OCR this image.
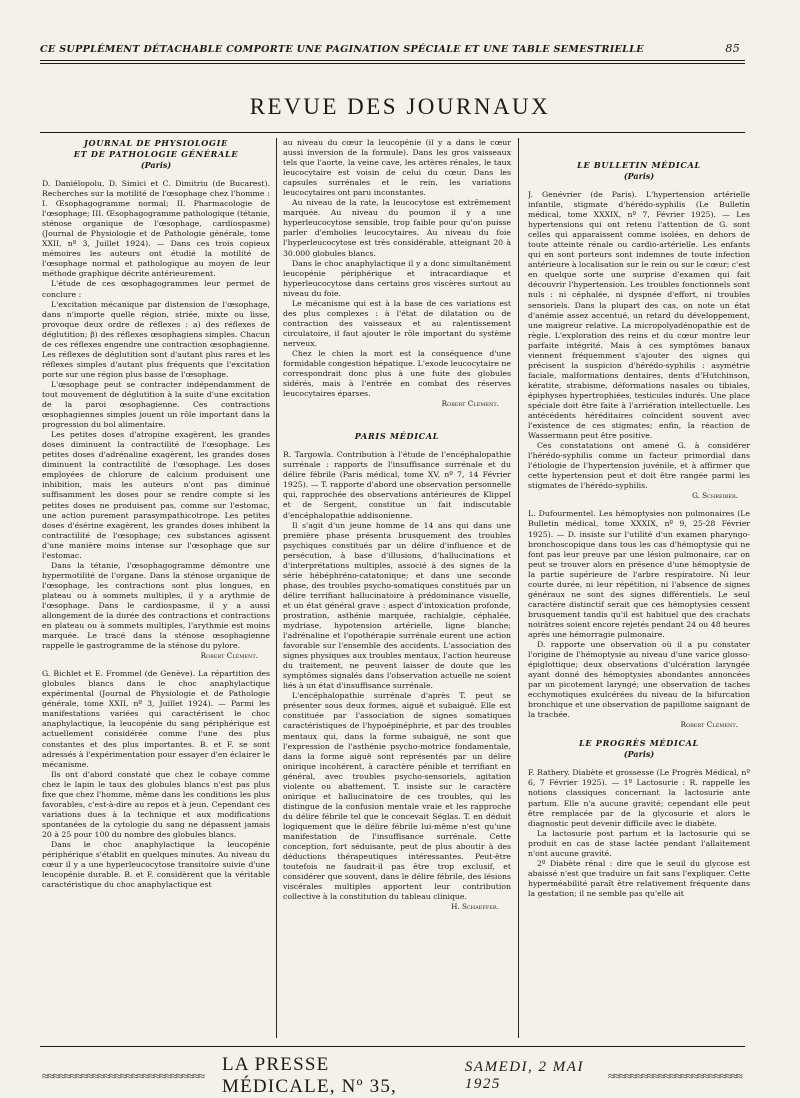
CE SUPPLÉMENT DÉTACHABLE COMPORTE UNE PAGINATION SPÉCIALE ET UNE TABLE SEMESTRIELLE	85
REVUE DES JOURNAUX
JOURNAL DE PHYSIOLOGIE
ET DE PATHOLOGIE GÉNÉRALE
(Paris)

D. Daniélopolu, D. Simici et C. Dimitriu (de Bucarest). Recherches sur la motilité de l'œsophage chez l'homme : I. Œsophagogramme normal; II. Pharmacologie de l'œsophage; III. Œsophagogramme pathologique (tétanie, sténose organique de l'œsophage, cardiospasme) (Journal de Physiologie et de Pathologie générale, tome XXII, nº 3, Juillet 1924). — Dans ces trois copieux mémoires les auteurs ont étudié la motilité de l'œsophage normal et pathologique au moyen de leur méthode graphique décrite antérieurement.

L'étude de ces œsophagogrammes leur permet de conclure :

L'excitation mécanique par distension de l'œsophage, dans n'importe quelle région, striée, mixte ou lisse, provoque deux ordre de réflexes : a) des réflexes de déglutition; β) des réflexes œsophagiens simples. Chacun de ces réflexes engendre une contraction œsophagienne. Les réflexes de déglutition sont d'autant plus rares et les réflexes simples d'autant plus fréquents que l'excitation porte sur une région plus basse de l'œsophage.

L'œsophage peut se contracter indépendamment de tout mouvement de déglutition à la suite d'une excitation de la paroi œsophagienne. Ces contractions œsophagiennes simples jouent un rôle important dans la progression du bol alimentaire.

Les petites doses d'atropine exagèrent, les grandes doses diminuent la contractilité de l'œsophage. Les petites doses d'adrénaline exagèrent, les grandes doses diminuent la contractilité de l'œsophage. Les doses employées de chlorure de calcium produisent une inhibition, mais les auteurs n'ont pas diminué suffisamment les doses pour se rendre compte si les petites doses ne produisent pas, comme sur l'estomac, une action purement parasympathicotrope. Les petites doses d'ésérine exagèrent, les grandes doses inhibent la contractilité de l'œsophage; ces substances agissent d'une manière moins intense sur l'œsophage que sur l'estomac.

Dans la tétanie, l'œsophagogramme démontre une hypermotilité de l'organe. Dans la sténose organique de l'œsophage, les contractions sont plus longues, en plateau ou à sommets multiples, il y a arythmie de l'œsophage. Dans le cardiospasme, il y a aussi allongement de la durée des contractions et contractions en plateau ou à sommets multiples, l'arythmie est moins marquée. Le tracé dans la sténose œsophagienne rappelle le gastrogramme de la sténose du pylore.

Robert Clément.

G. Bichlet et E. Frommel (de Genève). La répartition des globules blancs dans le choc anaphylactique expérimental (Journal de Physiologie et de Pathologie générale, tome XXII, nº 3, Juillet 1924). — Parmi les manifestations variées qui caractérisent le choc anaphylactique, la leucopénie du sang périphérique est actuellement considérée comme l'une des plus constantes et des plus importantes. B. et F. se sont adressés à l'expérimentation pour essayer d'en éclairer le mécanisme.

Ils ont d'abord constaté que chez le cobaye comme chez le lapin le taux des globules blancs n'est pas plus fixe que chez l'homme, même dans les conditions les plus favorables, c'est-à-dire au repos et à jeun. Cependant ces variations dues à la technique et aux modifications spontanées de la cytologie du sang ne dépassent jamais 20 à 25 pour 100 du nombre des globules blancs.

Dans le choc anaphylactique la leucopénie périphérique s'établit en quelques minutes. Au niveau du cœur il y a une hyperleucocytose transitoire suivie d'une leucopénie durable. B. et F. considèrent que la véritable caractéristique du choc anaphylactique est

au niveau du cœur la leucopénie (il y a dans le cœur aussi inversion de la formule). Dans les gros vaisseaux tels que l'aorte, la veine cave, les artères rénales, le taux leucocytaire est voisin de celui du cœur. Dans les capsules surrénales et le rein, les variations leucocytaires ont paru inconstantes.

Au niveau de la rate, la leucocytose est extrêmement marquée. Au niveau du poumon il y a une hyperleucocytose sensible, trop faible pour qu'on puisse parler d'embolies leucocytaires. Au niveau du foie l'hyperleucocytose est très considérable, atteignant 20 à 30.000 globules blancs.

Dans le choc anaphylactique il y a donc simultanément leucopénie périphérique et intracardiaque et hyperleucocytose dans certains gros viscères surtout au niveau du foie.

Le mécanisme qui est à la base de ces variations est des plus complexes : à l'état de dilatation ou de contraction des vaisseaux et au ralentissement circulatoire, il faut ajouter le rôle important du système nerveux.

Chez le chien la mort est la conséquence d'une formidable congestion hépatique. L'exode leucocytaire ne correspondrait donc plus à une fuite des globules sidérés, mais à l'entrée en combat des réserves leucocytaires éparses.

Robert Clément.
PARIS MÉDICAL

R. Targowla. Contribution à l'étude de l'encéphalopathie surrénale : rapports de l'insuffisance surrénale et du délire fébrile (Paris médical, tome XV, nº 7, 14 Février 1925). — T. rapporte d'abord une observation personnelle qui, rapprochée des observations antérieures de Klippel et de Sergent, constitue un fait indiscutable d'encéphalopathie addisonienne.

Il s'agit d'un jeune homme de 14 ans qui dans une première phase présenta brusquement des troubles psychiques constitués par un délire d'influence et de persécution, à base d'illusions, d'hallucinations et d'interprétations multiples, associé à des signes de la série hébéphréno-catatonique; et dans une seconde phase, des troubles psycho-somatiques constitués par un délire terrifiant hallucinatoire à prédominance visuelle, et un état général grave : aspect d'intoxication profonde, prostration, asthénie marquée, rachialgie, céphalée, mydriase, hypotension artérielle, ligne blanche; l'adrénaline et l'opothérapie surrénale eurent une action favorable sur l'ensemble des accidents. L'association des signes physiques aux troubles mentaux, l'action heureuse du traitement, ne peuvent laisser de doute que les symptômes signalés dans l'observation actuelle ne soient liés à un état d'insuffisance surrénale.

L'encéphalopathie surrénale d'après T. peut se présenter sous deux formes, aiguë et subaiguë. Elle est constituée par l'association de signes somatiques caractéristiques de l'hypoépinéphrie, et par des troubles mentaux qui, dans la forme subaiguë, ne sont que l'expression de l'asthénie psycho-motrice fondamentale, dans la forme aiguë sont représentés par un délire onirique incohérent, à caractère pénible et terrifiant en général, avec troubles psycho-sensoriels, agitation violente ou abattement. T. insiste sur le caractère onirique et hallucinatoire de ces troubles, qui les distingue de la confusion mentale vraie et les rapproche du délire fébrile tel que le concevait Séglas. T. en déduit logiquement que le délire fébrile lui-même n'est qu'une manifestation de l'insuffisance surrénale. Cette conception, fort séduisante, peut de plus aboutir à des déductions thérapeutiques intéressantes. Peut-être toutefois ne faudrait-il pas être trop exclusif, et considérer que souvent, dans le délire fébrile, des lésions viscérales multiples apportent leur contribution collective à la constitution du tableau clinique.

H. Schaeffer.
LE BULLETIN MÉDICAL
(Paris)

J. Genévrier (de Paris). L'hypertension artérielle infantile, stigmate d'hérédo-syphilis (Le Bulletin médical, tome XXXIX, nº 7, Février 1925). — Les hypertensions qui ont retenu l'attention de G. sont celles qui apparaissent comme isolées, en dehors de toute atteinte rénale ou cardio-artérielle. Les enfants qui en sont porteurs sont indemnes de toute infection antérieure à localisation sur le rein ou sur le cœur; c'est en quelque sorte une surprise d'examen qui fait découvrir l'hypertension. Les troubles fonctionnels sont nuls : ni céphalée, ni dyspnée d'effort, ni troubles sensoriels. Dans la plupart des cas, on note un état d'anémie assez accentué, un retard du développement, une maigreur relative. La micropolyadénopathie est de règle. L'exploration des reins et du cœur montre leur parfaite intégrité. Mais à ces symptômes banaux viennent fréquemment s'ajouter des signes qui précisent la suspicion d'hérédo-syphilis : asymétrie faciale, malformations dentaires, dents d'Hutchinson, kératite, strabisme, déformations nasales ou tibiales, épiphyses hypertrophiées, testicules indurés. Une place spéciale doit être faite à l'arriération intellectuelle. Les antécédents héréditaires coïncident souvent avec l'existence de ces stigmates; enfin, la réaction de Wassermann peut être positive.

Ces constatations ont amené G. à considérer l'hérédo-syphilis comme un facteur primordial dans l'étiologie de l'hypertension juvénile, et à affirmer que cette hypertension peut et doit être rangée parmi les stigmates de l'hérédo-syphilis.

G. Schreiber.

L. Dufourmentel. Les hémoptysies non pulmonaires (Le Bulletin médical, tome XXXIX, nº 9, 25-28 Février 1925). — D. insiste sur l'utilité d'un examen pharyngo-bronchoscopique dans tous les cas d'hémoptysie qui ne font pas leur preuve par une lésion pulmonaire, car on peut se trouver alors en présence d'une hémoptysie de la partie supérieure de l'arbre respiratoire. Ni leur courte durée, ni leur répétition, ni l'absence de signes généraux ne sont des signes différentiels. Le seul caractère distinctif serait que ces hémoptysies cessent brusquement tandis qu'il est habituel que des crachats noirâtres soient encore rejetés pendant 24 ou 48 heures après une hémorragie pulmonaire.

D. rapporte une observation où il a pu constater l'origine de l'hémoptysie au niveau d'une varice glosso-épiglottique; deux observations d'ulcération laryngée ayant donné des hémoptysies abondantes annoncées par un picotement laryngé; une observation de taches ecchymotiques exulcérées du niveau de la bifurcation bronchique et une observation de papillome saignant de la trachée.

Robert Clément.
LE PROGRÈS MÉDICAL
(Paris)

F. Rathery. Diabète et grossesse (Le Progrès Médical, nº 6, 7 Février 1925). — 1º Lactosurie : R. rappelle les notions classiques concernant la lactosurie ante partum. Elle n'a aucune gravité; cependant elle peut être remplacée par de la glycosurie et alors le diagnostic peut devenir difficile avec le diabète.

La lactosurie post partum et la lactosurie qui se produit en cas de stase lactée pendant l'allaitement n'ont aucune gravité.

2º Diabète rénal : dire que le seuil du glycose est abaissé n'est que traduire un fait sans l'expliquer. Cette hyperméabilité paraît être relativement fréquente dans la gestation; il ne semble pas qu'elle ait

≈≈≈≈≈≈≈≈≈≈≈≈≈≈≈≈≈≈≈≈≈≈≈≈≈≈≈≈≈
LA PRESSE MÉDICALE, Nº 35,
SAMEDI, 2 MAI 1925
≈≈≈≈≈≈≈≈≈≈≈≈≈≈≈≈≈≈≈≈≈≈≈≈
